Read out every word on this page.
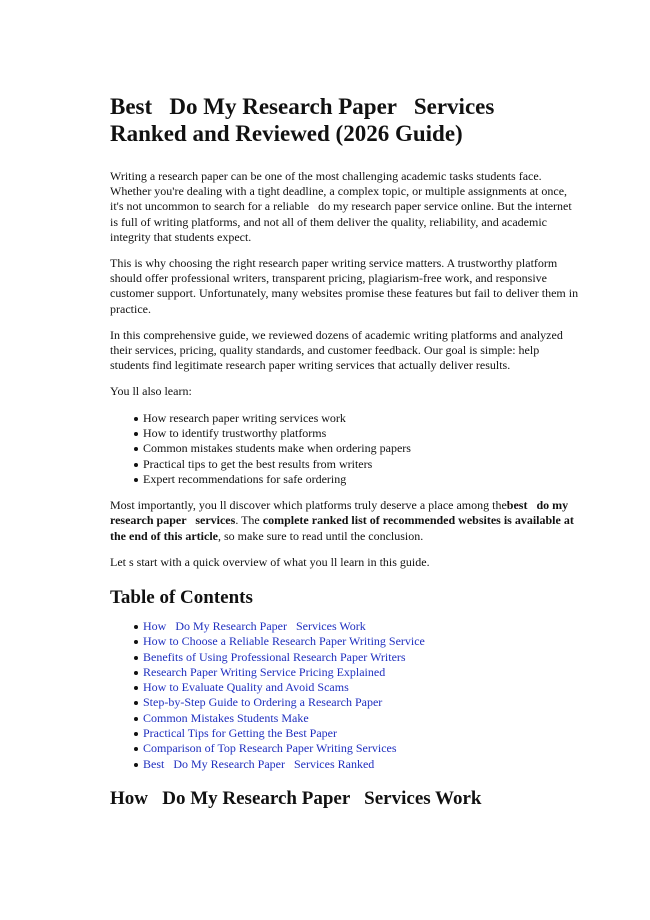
Best   Do My Research Paper   Services
Ranked and Reviewed (2026 Guide)

Writing a research paper can be one of the most challenging academic tasks students face. Whether you're dealing with a tight deadline, a complex topic, or multiple assignments at once, it's not uncommon to search for a reliable   do my research paper service online. But the internet is full of writing platforms, and not all of them deliver the quality, reliability, and academic integrity that students expect.

This is why choosing the right research paper writing service matters. A trustworthy platform should offer professional writers, transparent pricing, plagiarism-free work, and responsive customer support. Unfortunately, many websites promise these features but fail to deliver them in practice.

In this comprehensive guide, we reviewed dozens of academic writing platforms and analyzed their services, pricing, quality standards, and customer feedback. Our goal is simple: help students find legitimate research paper writing services that actually deliver results.

You ll also learn:

How research paper writing services work
How to identify trustworthy platforms
Common mistakes students make when ordering papers
Practical tips to get the best results from writers
Expert recommendations for safe ordering

Most importantly, you ll discover which platforms truly deserve a place among thebest   do my research paper   services. The complete ranked list of recommended websites is available at the end of this article, so make sure to read until the conclusion.

Let s start with a quick overview of what you ll learn in this guide.

Table of Contents
How   Do My Research Paper   Services Work
How to Choose a Reliable Research Paper Writing Service
Benefits of Using Professional Research Paper Writers
Research Paper Writing Service Pricing Explained
How to Evaluate Quality and Avoid Scams
Step-by-Step Guide to Ordering a Research Paper
Common Mistakes Students Make
Practical Tips for Getting the Best Paper
Comparison of Top Research Paper Writing Services
Best   Do My Research Paper   Services Ranked
How   Do My Research Paper   Services Work
